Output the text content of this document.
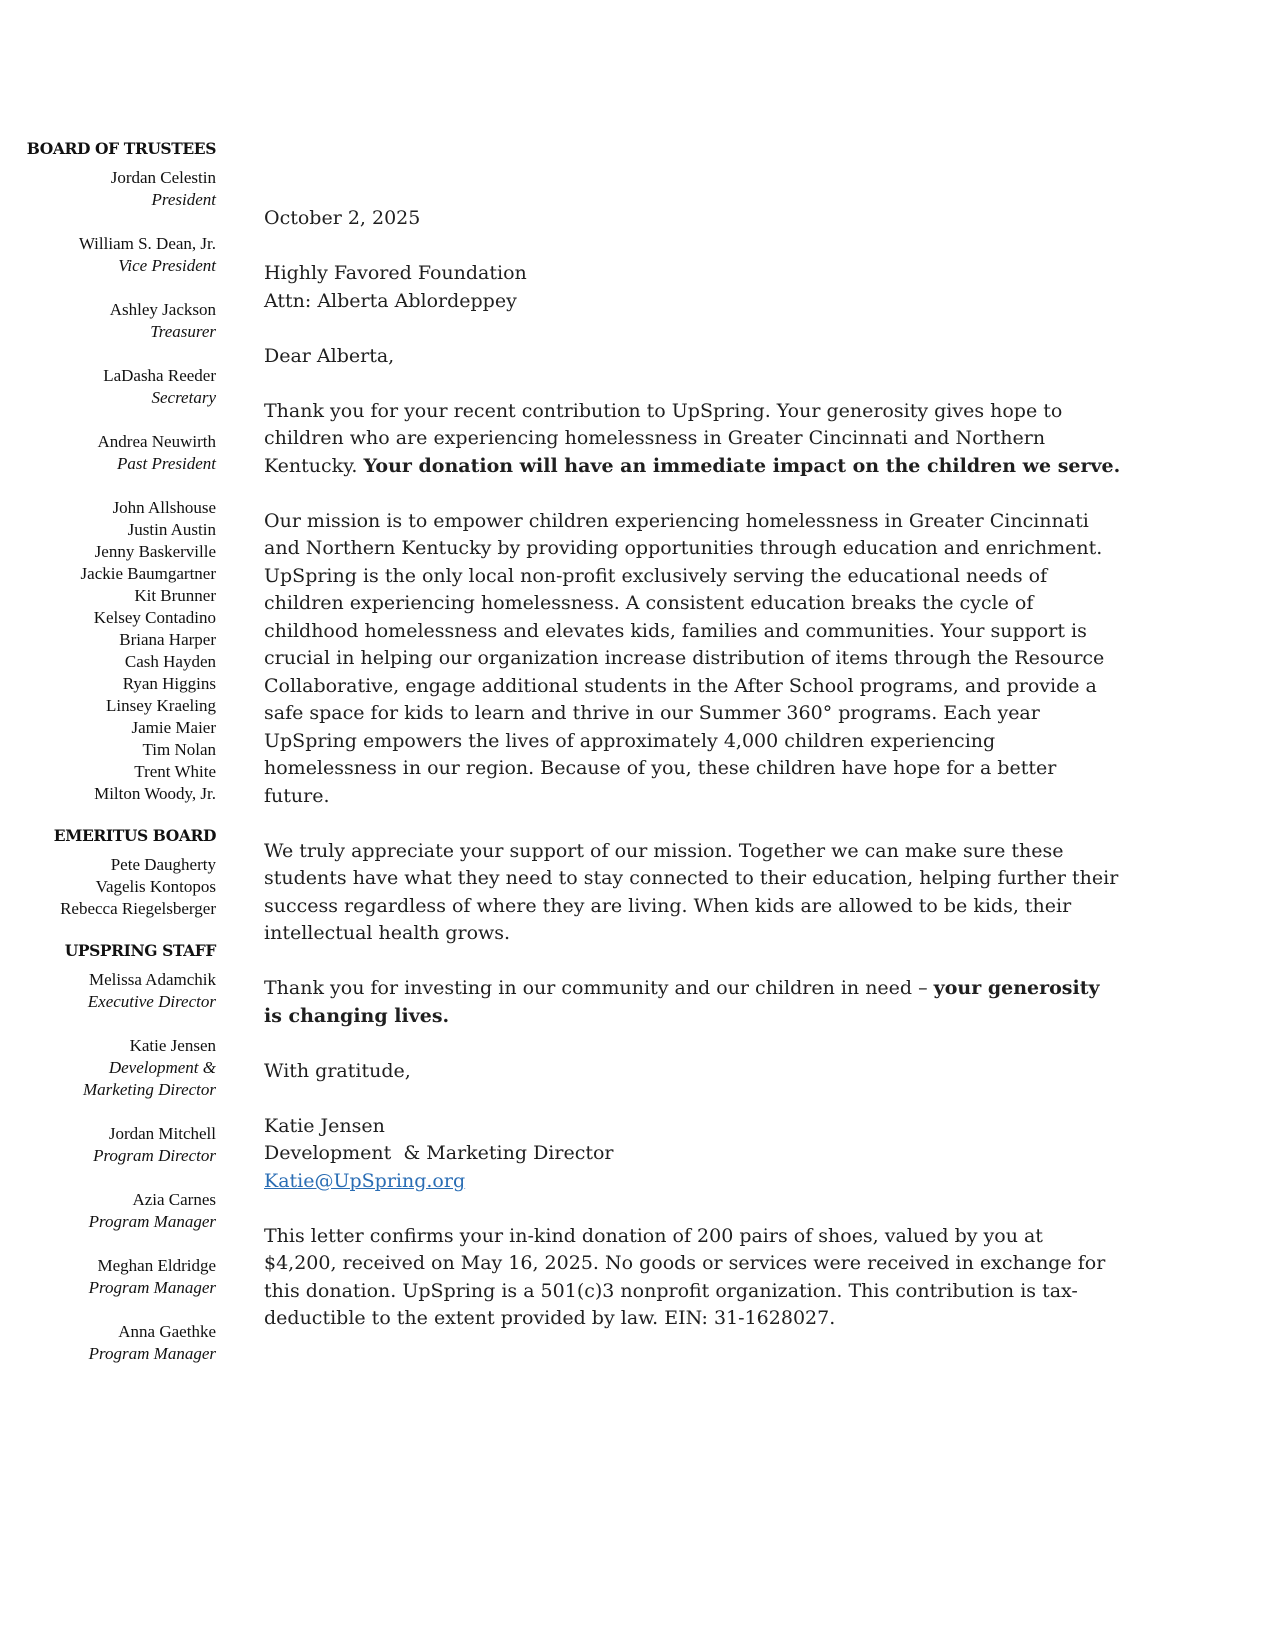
BOARD OF TRUSTEES
Jordan Celestin
President
William S. Dean, Jr.
Vice President
Ashley Jackson
Treasurer
LaDasha Reeder
Secretary
Andrea Neuwirth
Past President
John Allshouse
Justin Austin
Jenny Baskerville
Jackie Baumgartner
Kit Brunner
Kelsey Contadino
Briana Harper
Cash Hayden
Ryan Higgins
Linsey Kraeling
Jamie Maier
Tim Nolan
Trent White
Milton Woody, Jr.
EMERITUS BOARD
Pete Daugherty
Vagelis Kontopos
Rebecca Riegelsberger
UPSPRING STAFF
Melissa Adamchik
Executive Director
Katie Jensen
Development &
Marketing Director
Jordan Mitchell
Program Director
Azia Carnes
Program Manager
Meghan Eldridge
Program Manager
Anna Gaethke
Program Manager

October 2, 2025

Highly Favored Foundation
Attn: Alberta Ablordeppey

Dear Alberta,

Thank you for your recent contribution to UpSpring. Your generosity gives hope to
children who are experiencing homelessness in Greater Cincinnati and Northern
Kentucky. Your donation will have an immediate impact on the children we serve.

Our mission is to empower children experiencing homelessness in Greater Cincinnati
and Northern Kentucky by providing opportunities through education and enrichment.
UpSpring is the only local non-profit exclusively serving the educational needs of
children experiencing homelessness. A consistent education breaks the cycle of
childhood homelessness and elevates kids, families and communities. Your support is
crucial in helping our organization increase distribution of items through the Resource
Collaborative, engage additional students in the After School programs, and provide a
safe space for kids to learn and thrive in our Summer 360° programs. Each year
UpSpring empowers the lives of approximately 4,000 children experiencing
homelessness in our region. Because of you, these children have hope for a better
future.

We truly appreciate your support of our mission. Together we can make sure these
students have what they need to stay connected to their education, helping further their
success regardless of where they are living. When kids are allowed to be kids, their
intellectual health grows.

Thank you for investing in our community and our children in need – your generosity
is changing lives.

With gratitude,

Katie Jensen
Development  & Marketing Director
Katie@UpSpring.org

This letter confirms your in-kind donation of 200 pairs of shoes, valued by you at
$4,200, received on May 16, 2025. No goods or services were received in exchange for
this donation. UpSpring is a 501(c)3 nonprofit organization. This contribution is tax-
deductible to the extent provided by law. EIN: 31-1628027.
